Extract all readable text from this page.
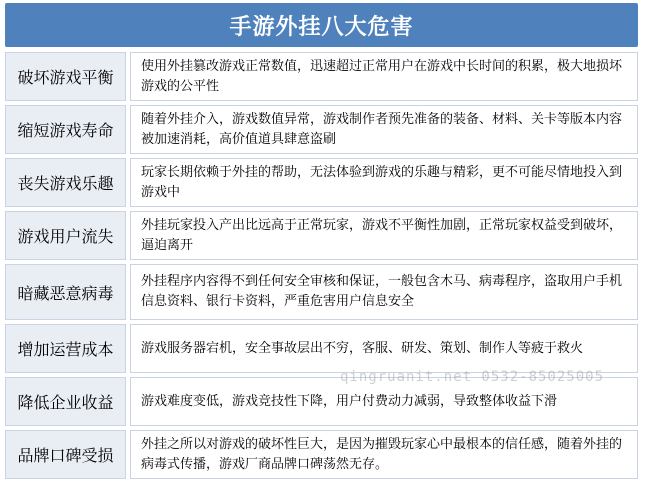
手游外挂八大危害
破坏游戏平衡
使用外挂篡改游戏正常数值，迅速超过正常用户在游戏中长时间的积累，极大地损坏游戏的公平性
缩短游戏寿命
随着外挂介入，游戏数值异常，游戏制作者预先准备的装备、材料、关卡等版本内容被加速消耗，高价值道具肆意盗刷
丧失游戏乐趣
玩家长期依赖于外挂的帮助，无法体验到游戏的乐趣与精彩，更不可能尽情地投入到游戏中
游戏用户流失
外挂玩家投入产出比远高于正常玩家，游戏不平衡性加剧，正常玩家权益受到破坏，逼迫离开
暗藏恶意病毒
外挂程序内容得不到任何安全审核和保证，一般包含木马、病毒程序，盗取用户手机信息资料、银行卡资料，严重危害用户信息安全
增加运营成本	游戏服务器宕机，安全事故层出不穷，客服、研发、策划、制作人等疲于救火
降低企业收益	游戏难度变低，游戏竞技性下降，用户付费动力减弱，导致整体收益下滑
品牌口碑受损
外挂之所以对游戏的破坏性巨大，是因为摧毁玩家心中最根本的信任感，随着外挂的病毒式传播，游戏厂商品牌口碑荡然无存。
qingruanit.net 0532-85025005
